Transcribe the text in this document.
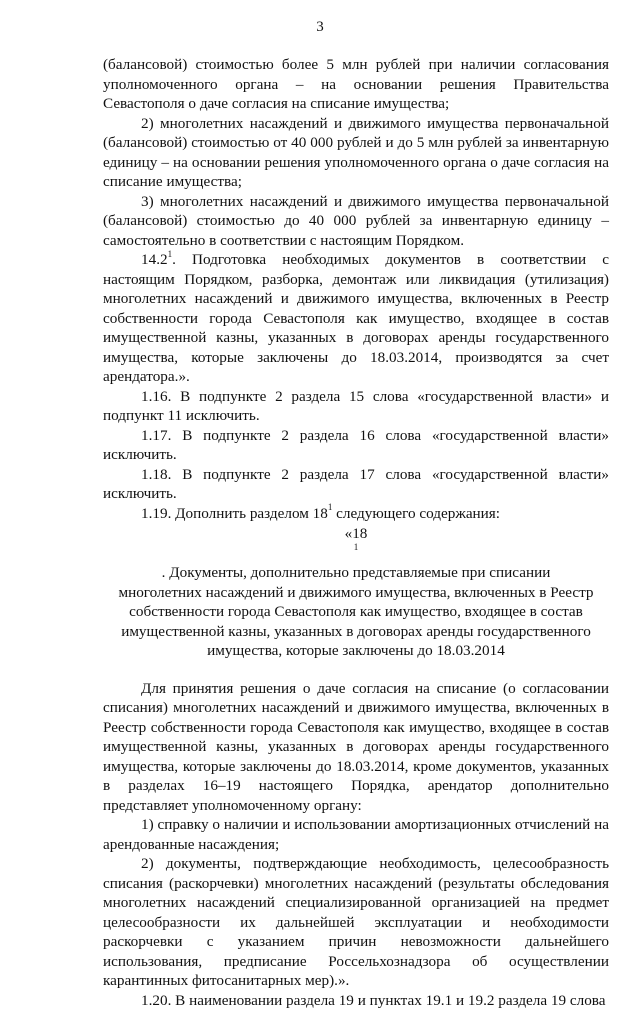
3

(балансовой) стоимостью более 5 млн рублей при наличии согласования уполномоченного органа – на основании решения Правительства Севастополя о даче согласия на списание имущества;

2) многолетних насаждений и движимого имущества первоначальной (балансовой) стоимостью от 40 000 рублей и до 5 млн рублей за инвентарную единицу – на основании решения уполномоченного органа о даче согласия на списание имущества;

3) многолетних насаждений и движимого имущества первоначальной (балансовой) стоимостью до 40 000 рублей за инвентарную единицу – самостоятельно в соответствии с настоящим Порядком.

14.2$^1$. Подготовка необходимых документов в соответствии с настоящим Порядком, разборка, демонтаж или ликвидация (утилизация) многолетних насаждений и движимого имущества, включенных в Реестр собственности города Севастополя как имущество, входящее в состав имущественной казны, указанных в договорах аренды государственного имущества, которые заключены до 18.03.2014, производятся за счет арендатора.».

1.16. В подпункте 2 раздела 15 слова «государственной власти» и подпункт 11 исключить.

1.17. В подпункте 2 раздела 16 слова «государственной власти» исключить.

1.18. В подпункте 2 раздела 17 слова «государственной власти» исключить.

1.19. Дополнить разделом $18^1$ следующего содержания:

«18
$^1$
. Документы, дополнительно представляемые при списании
многолетних насаждений и движимого имущества, включенных в Реестр
собственности города Севастополя как имущество, входящее в состав
имущественной казны, указанных в договорах аренды государственного
имущества, которые заключены до 18.03.2014

Для принятия решения о даче согласия на списание (о согласовании списания) многолетних насаждений и движимого имущества, включенных в Реестр собственности города Севастополя как имущество, входящее в состав имущественной казны, указанных в договорах аренды государственного имущества, которые заключены до 18.03.2014, кроме документов, указанных в разделах 16–19 настоящего Порядка, арендатор дополнительно представляет уполномоченному органу:

1) справку о наличии и использовании амортизационных отчислений на арендованные насаждения;

2) документы, подтверждающие необходимость, целесообразность списания (раскорчевки) многолетних насаждений (результаты обследования многолетних насаждений специализированной организацией на предмет целесообразности их дальнейшей эксплуатации и необходимости раскорчевки с указанием причин невозможности дальнейшего использования, предписание Россельхознадзора об осуществлении карантинных фитосанитарных мер).».

1.20. В наименовании раздела 19 и пунктах 19.1 и 19.2 раздела 19 слова
